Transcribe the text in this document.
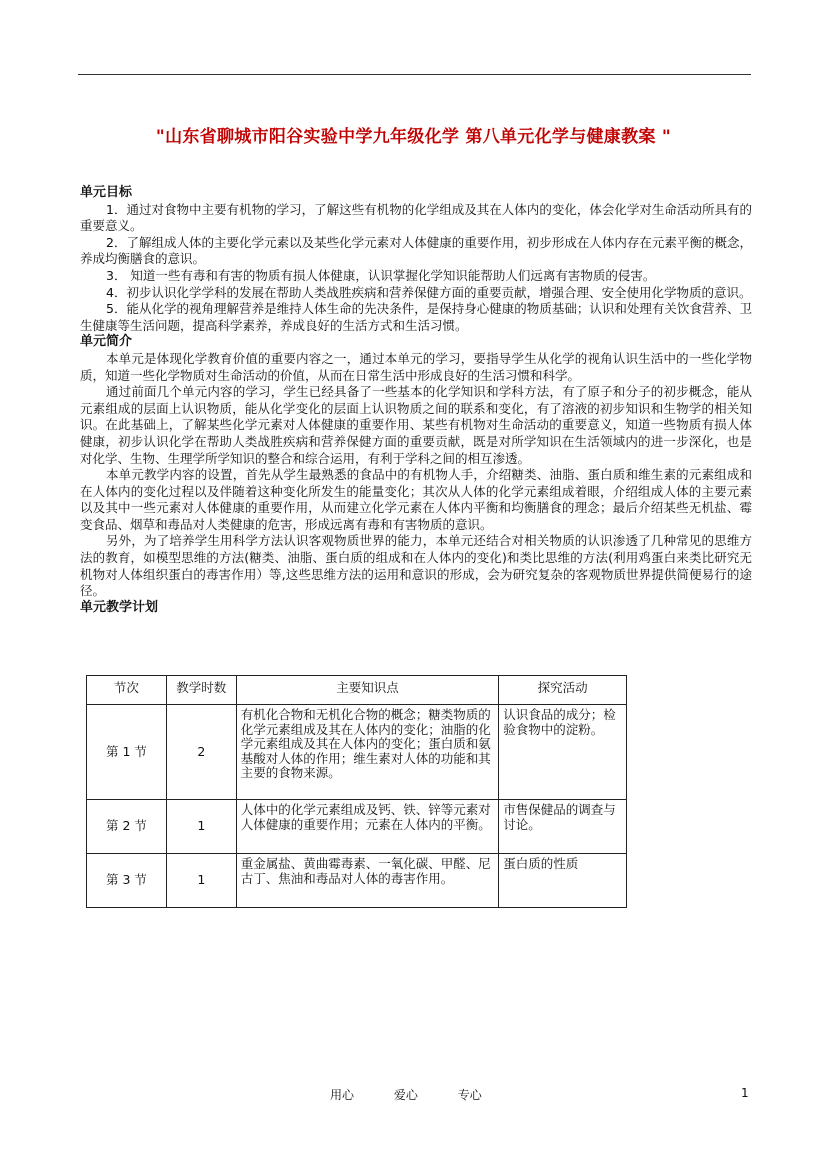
"山东省聊城市阳谷实验中学九年级化学 第八单元化学与健康教案 "

单元目标

1．通过对食物中主要有机物的学习，了解这些有机物的化学组成及其在人体内的变化，体会化学对生命活动所具有的重要意义。

2．了解组成人体的主要化学元素以及某些化学元素对人体健康的重要作用，初步形成在人体内存在元素平衡的概念，养成均衡膳食的意识。

3． 知道一些有毒和有害的物质有损人体健康，认识掌握化学知识能帮助人们远离有害物质的侵害。

4．初步认识化学学科的发展在帮助人类战胜疾病和营养保健方面的重要贡献，增强合理、安全使用化学物质的意识。

5．能从化学的视角理解营养是维持人体生命的先决条件，是保持身心健康的物质基础；认识和处理有关饮食营养、卫生健康等生活问题，提高科学素养，养成良好的生活方式和生活习惯。

单元简介

本单元是体现化学教育价值的重要内容之一，通过本单元的学习，要指导学生从化学的视角认识生活中的一些化学物质，知道一些化学物质对生命活动的价值，从而在日常生活中形成良好的生活习惯和科学。

通过前面几个单元内容的学习，学生已经具备了一些基本的化学知识和学科方法，有了原子和分子的初步概念，能从元素组成的层面上认识物质，能从化学变化的层面上认识物质之间的联系和变化，有了溶液的初步知识和生物学的相关知识。在此基础上，了解某些化学元素对人体健康的重要作用、某些有机物对生命活动的重要意义，知道一些物质有损人体健康，初步认识化学在帮助人类战胜疾病和营养保健方面的重要贡献，既是对所学知识在生活领域内的进一步深化，也是对化学、生物、生理学所学知识的整合和综合运用，有利于学科之间的相互渗透。

本单元教学内容的设置，首先从学生最熟悉的食品中的有机物人手，介绍糖类、油脂、蛋白质和维生素的元素组成和在人体内的变化过程以及伴随着这种变化所发生的能量变化；其次从人体的化学元素组成着眼，介绍组成人体的主要元素以及其中一些元素对人体健康的重要作用，从而建立化学元素在人体内平衡和均衡膳食的理念；最后介绍某些无机盐、霉变食品、烟草和毒品对人类健康的危害，形成远离有毒和有害物质的意识。

另外，为了培养学生用科学方法认识客观物质世界的能力，本单元还结合对相关物质的认识渗透了几种常见的思维方法的教育，如模型思维的方法(糖类、油脂、蛋白质的组成和在人体内的变化)和类比思维的方法(利用鸡蛋白来类比研究无机物对人体组织蛋白的毒害作用）等,这些思维方法的运用和意识的形成，会为研究复杂的客观物质世界提供简便易行的途径。

单元教学计划

节次	教学时数	主要知识点	探究活动
第 1 节	2	有机化合物和无机化合物的概念；糖类物质的化学元素组成及其在人体内的变化；油脂的化学元素组成及其在人体内的变化；蛋白质和氨基酸对人体的作用；维生素对人体的功能和其主要的食物来源。	认识食品的成分；检验食物中的淀粉。
第 2 节	1	人体中的化学元素组成及钙、铁、锌等元素对人体健康的重要作用；元素在人体内的平衡。	市售保健品的调查与讨论。
第 3 节	1	重金属盐、黄曲霉毒素、一氧化碳、甲醛、尼古丁、焦油和毒品对人体的毒害作用。	蛋白质的性质
用心	爱心	专心	1
